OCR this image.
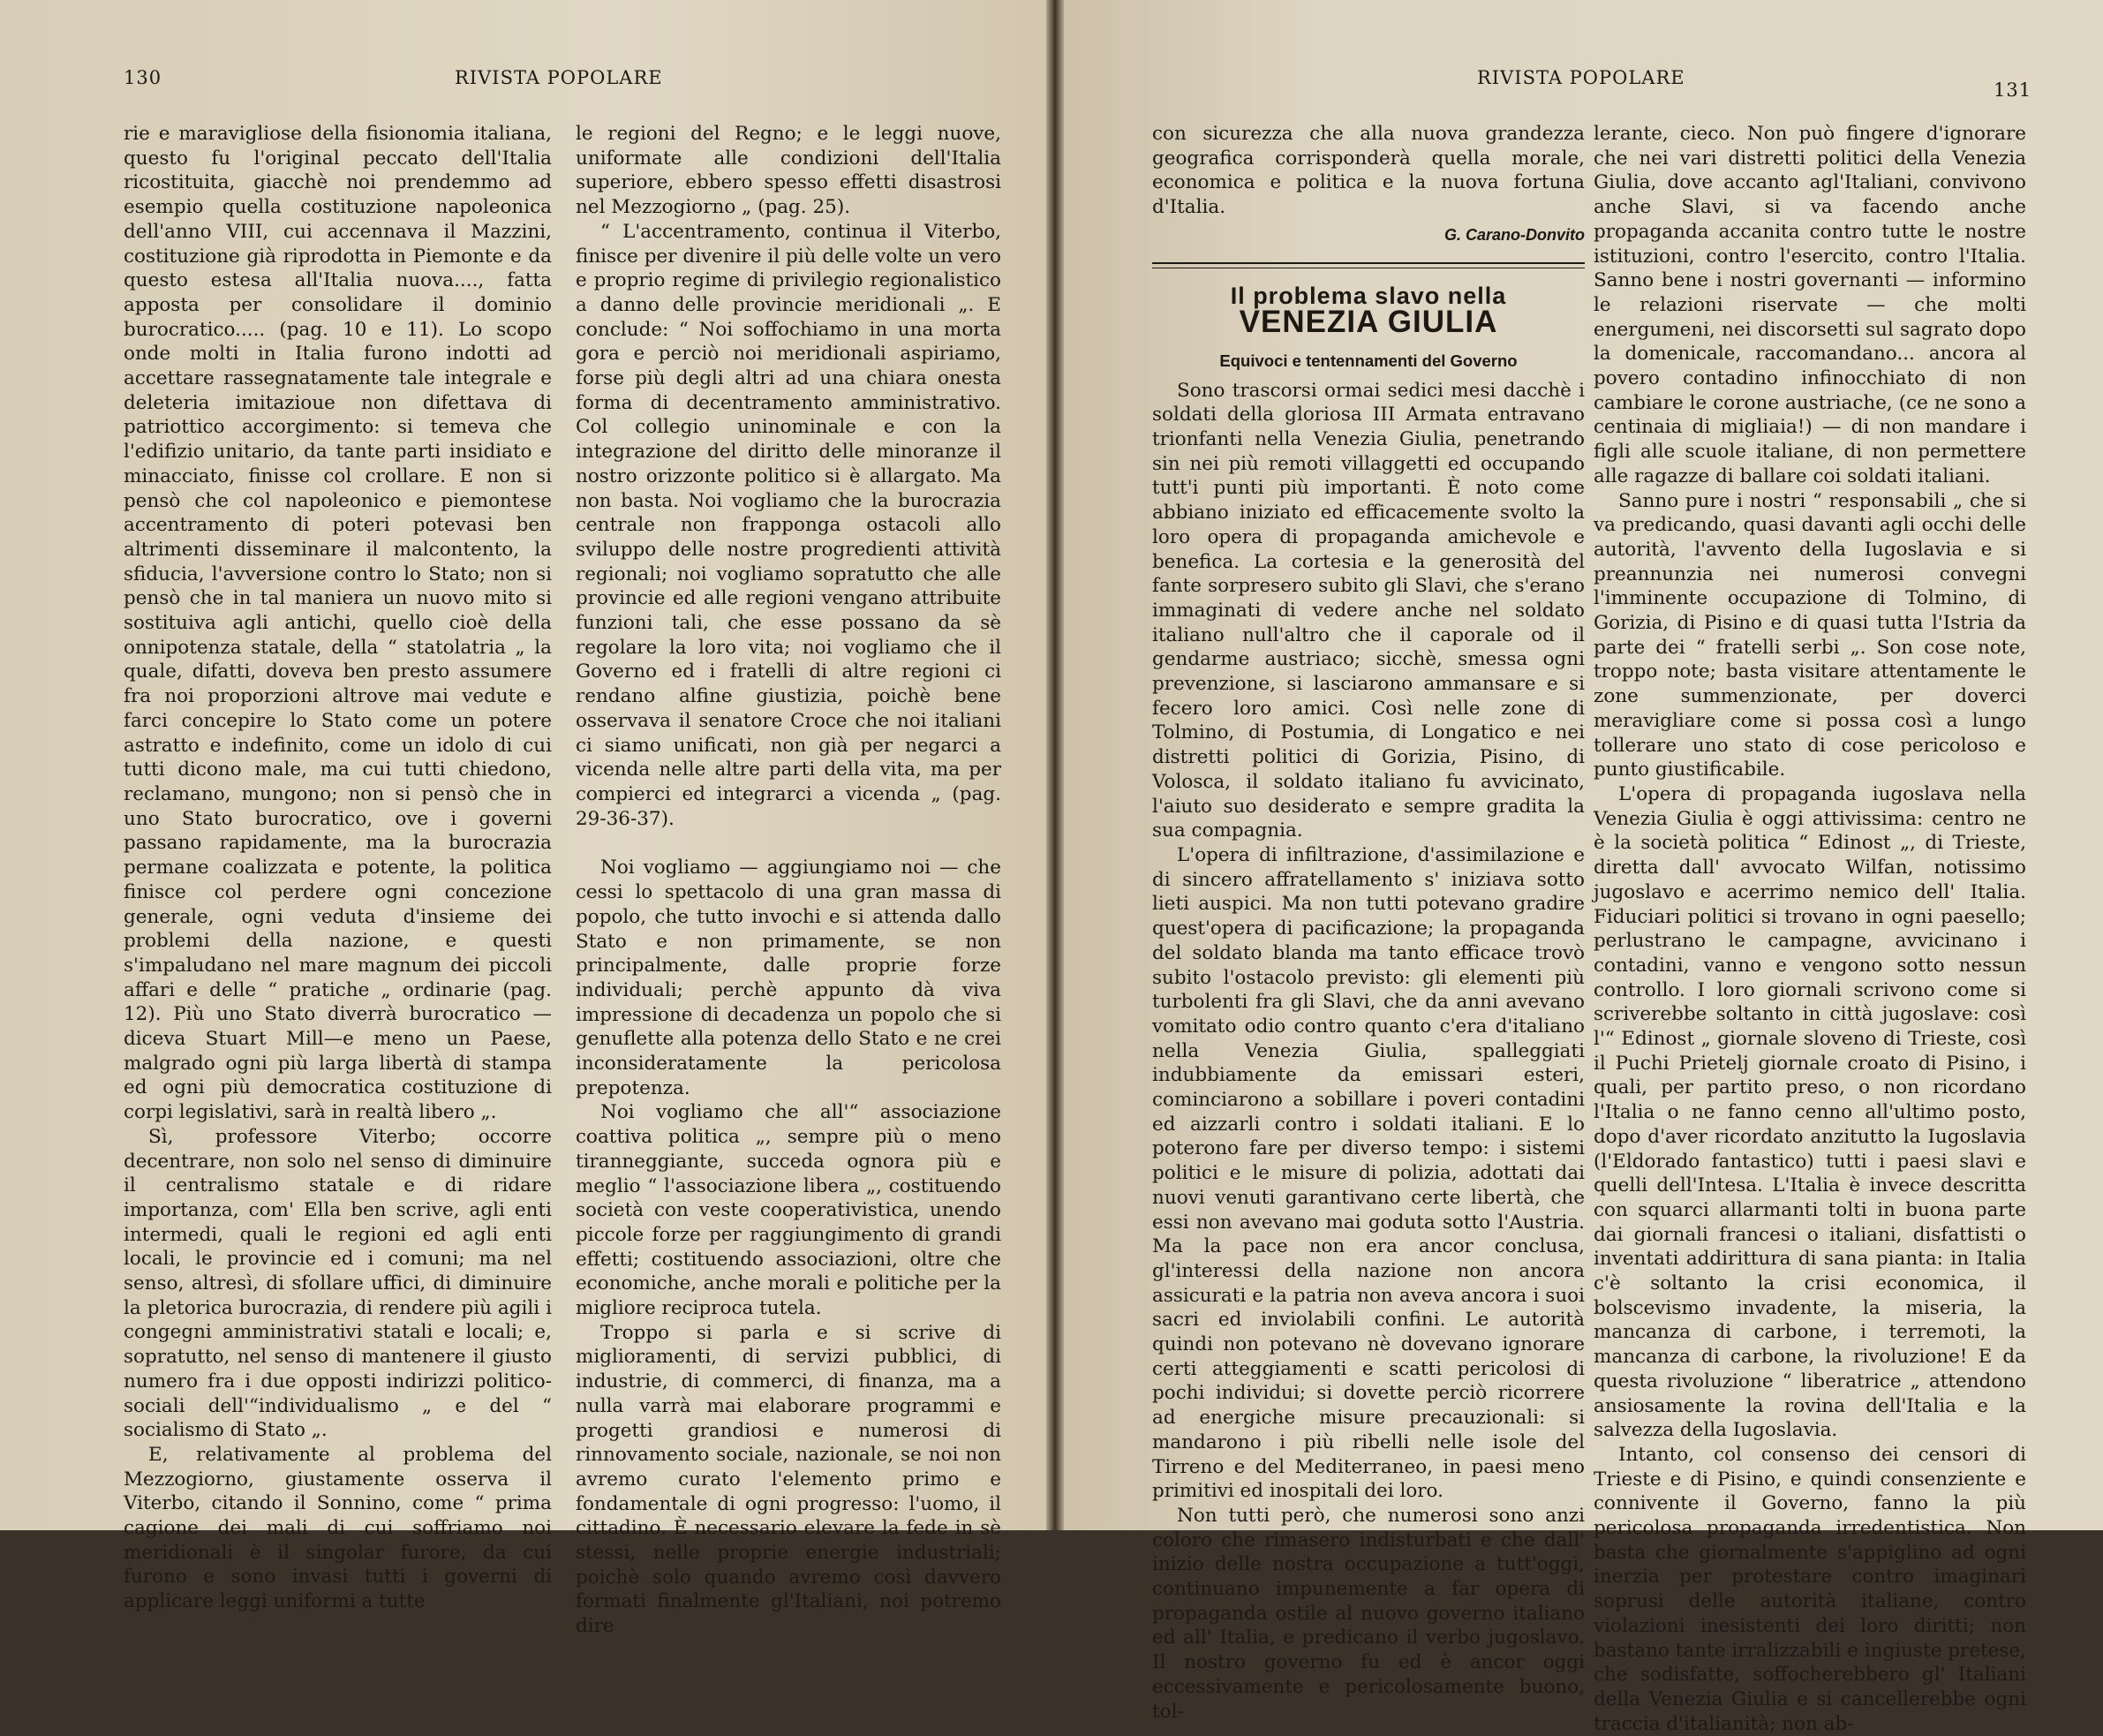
130	RIVISTA POPOLARE

rie e maravigliose della fisionomia italiana, questo fu l'original peccato dell'Italia ricostituita, giacchè noi prendemmo ad esempio quella costituzione napoleonica dell'anno VIII, cui accennava il Mazzini, costituzione già riprodotta in Piemonte e da questo estesa all'Italia nuova...., fatta apposta per consolidare il dominio burocratico..... (pag. 10 e 11). Lo scopo onde molti in Italia furono indotti ad accettare rassegnatamente tale integrale e deleteria imitazioue non difettava di patriottico accorgimento: si temeva che l'edifizio unitario, da tante parti insidiato e minacciato, finisse col crollare. E non si pensò che col napoleonico e piemontese accentramento di poteri potevasi ben altrimenti disseminare il malcontento, la sfiducia, l'avversione contro lo Stato; non si pensò che in tal maniera un nuovo mito si sostituiva agli antichi, quello cioè della onnipotenza statale, della “ statolatria „ la quale, difatti, doveva ben presto assumere fra noi proporzioni altrove mai vedute e farci concepire lo Stato come un potere astratto e indefinito, come un idolo di cui tutti dicono male, ma cui tutti chiedono, reclamano, mungono; non si pensò che in uno Stato burocratico, ove i governi passano rapidamente, ma la burocrazia permane coalizzata e potente, la politica finisce col perdere ogni concezione generale, ogni veduta d'insieme dei problemi della nazione, e questi s'impaludano nel mare magnum dei piccoli affari e delle “ pratiche „ ordinarie (pag. 12). Più uno Stato diverrà burocratico — diceva Stuart Mill—e meno un Paese, malgrado ogni più larga libertà di stampa ed ogni più democratica costituzione di corpi legislativi, sarà in realtà libero „.

Sì, professore Viterbo; occorre decentrare, non solo nel senso di diminuire il centralismo statale e di ridare importanza, com' Ella ben scrive, agli enti intermedi, quali le regioni ed agli enti locali, le provincie ed i comuni; ma nel senso, altresì, di sfollare uffici, di diminuire la pletorica burocrazia, di rendere più agili i congegni amministrativi statali e locali; e, sopratutto, nel senso di mantenere il giusto numero fra i due opposti indirizzi politico-sociali dell'“individualismo „ e del “ socialismo di Stato „.

E, relativamente al problema del Mezzogiorno, giustamente osserva il Viterbo, citando il Sonnino, come “ prima cagione dei mali di cui soffriamo noi meridionali è il singolar furore, da cui furono e sono invasi tutti i governi di applicare leggi uniformi a tutte

le regioni del Regno; e le leggi nuove, uniformate alle condizioni dell'Italia superiore, ebbero spesso effetti disastrosi nel Mezzogiorno „ (pag. 25).

“ L'accentramento, continua il Viterbo, finisce per divenire il più delle volte un vero e proprio regime di privilegio regionalistico a danno delle provincie meridionali „. E conclude: “ Noi soffochiamo in una morta gora e perciò noi meridionali aspiriamo, forse più degli altri ad una chiara onesta forma di decentramento amministrativo. Col collegio uninominale e con la integrazione del diritto delle minoranze il nostro orizzonte politico si è allargato. Ma non basta. Noi vogliamo che la burocrazia centrale non frapponga ostacoli allo sviluppo delle nostre progredienti attività regionali; noi vogliamo sopratutto che alle provincie ed alle regioni vengano attribuite funzioni tali, che esse possano da sè regolare la loro vita; noi vogliamo che il Governo ed i fratelli di altre regioni ci rendano alfine giustizia, poichè bene osservava il senatore Croce che noi italiani ci siamo unificati, non già per negarci a vicenda nelle altre parti della vita, ma per compierci ed integrarci a vicenda „ (pag. 29-36-37).

Noi vogliamo — aggiungiamo noi — che cessi lo spettacolo di una gran massa di popolo, che tutto invochi e si attenda dallo Stato e non primamente, se non principalmente, dalle proprie forze individuali; perchè appunto dà viva impressione di decadenza un popolo che si genuflette alla potenza dello Stato e ne crei inconsideratamente la pericolosa prepotenza.

Noi vogliamo che all'“ associazione coattiva politica „, sempre più o meno tiranneggiante, succeda ognora più e meglio “ l'associazione libera „, costituendo società con veste cooperativistica, unendo piccole forze per raggiungimento di grandi effetti; costituendo associazioni, oltre che economiche, anche morali e politiche per la migliore reciproca tutela.

Troppo si parla e si scrive di miglioramenti, di servizi pubblici, di industrie, di commerci, di finanza, ma a nulla varrà mai elaborare programmi e progetti grandiosi e numerosi di rinnovamento sociale, nazionale, se noi non avremo curato l'elemento primo e fondamentale di ogni progresso: l'uomo, il cittadino. È necessario elevare la fede in sè stessi, nelle proprie energie industriali; poichè solo quando avremo così davvero formati finalmente gl'Italiani, noi potremo dire

RIVISTA POPOLARE
131

con sicurezza che alla nuova grandezza geografica corrisponderà quella morale, economica e politica e la nuova fortuna d'Italia.

G. Carano-Donvito
Il problema slavo nella
VENEZIA GIULIA
Equivoci e tentennamenti del Governo

Sono trascorsi ormai sedici mesi dacchè i soldati della gloriosa III Armata entravano trionfanti nella Venezia Giulia, penetrando sin nei più remoti villaggetti ed occupando tutt'i punti più importanti. È noto come abbiano iniziato ed efficacemente svolto la loro opera di propaganda amichevole e benefica. La cortesia e la generosità del fante sorpresero subito gli Slavi, che s'erano immaginati di vedere anche nel soldato italiano null'altro che il caporale od il gendarme austriaco; sicchè, smessa ogni prevenzione, si lasciarono ammansare e si fecero loro amici. Così nelle zone di Tolmino, di Postumia, di Longatico e nei distretti politici di Gorizia, Pisino, di Volosca, il soldato italiano fu avvicinato, l'aiuto suo desiderato e sempre gradita la sua compagnia.

L'opera di infiltrazione, d'assimilazione e di sincero affratellamento s' iniziava sotto lieti auspici. Ma non tutti potevano gradire quest'opera di pacificazione; la propaganda del soldato blanda ma tanto efficace trovò subito l'ostacolo previsto: gli elementi più turbolenti fra gli Slavi, che da anni avevano vomitato odio contro quanto c'era d'italiano nella Venezia Giulia, spalleggiati indubbiamente da emissari esteri, cominciarono a sobillare i poveri contadini ed aizzarli contro i soldati italiani. E lo poterono fare per diverso tempo: i sistemi politici e le misure di polizia, adottati dai nuovi venuti garantivano certe libertà, che essi non avevano mai goduta sotto l'Austria. Ma la pace non era ancor conclusa, gl'interessi della nazione non ancora assicurati e la patria non aveva ancora i suoi sacri ed inviolabili confini. Le autorità quindi non potevano nè dovevano ignorare certi atteggiamenti e scatti pericolosi di pochi individui; si dovette perciò ricorrere ad energiche misure precauzionali: si mandarono i più ribelli nelle isole del Tirreno e del Mediterraneo, in paesi meno primitivi ed inospitali dei loro.

Non tutti però, che numerosi sono anzi coloro che rimasero indisturbati e che dall' inizio delle nostra occupazione a tutt'oggi, continuano impunemente a far opera di propaganda ostile al nuovo governo italiano ed all' Italia, e predicano il verbo jugoslavo. Il nostro governo fu ed è ancor oggi eccessivamente e pericolosamente buono, tol-

lerante, cieco. Non può fingere d'ignorare che nei vari distretti politici della Venezia Giulia, dove accanto agl'Italiani, convivono anche Slavi, si va facendo anche propaganda accanita contro tutte le nostre istituzioni, contro l'esercito, contro l'Italia. Sanno bene i nostri governanti — informino le relazioni riservate — che molti energumeni, nei discorsetti sul sagrato dopo la domenicale, raccomandano... ancora al povero contadino infinocchiato di non cambiare le corone austriache, (ce ne sono a centinaia di migliaia!) — di non mandare i figli alle scuole italiane, di non permettere alle ragazze di ballare coi soldati italiani.

Sanno pure i nostri “ responsabili „ che si va predicando, quasi davanti agli occhi delle autorità, l'avvento della Iugoslavia e si preannunzia nei numerosi convegni l'imminente occupazione di Tolmino, di Gorizia, di Pisino e di quasi tutta l'Istria da parte dei “ fratelli serbi „. Son cose note, troppo note; basta visitare attentamente le zone summenzionate, per doverci meravigliare come si possa così a lungo tollerare uno stato di cose pericoloso e punto giustificabile.

L'opera di propaganda iugoslava nella Venezia Giulia è oggi attivissima: centro ne è la società politica “ Edinost „, di Trieste, diretta dall' avvocato Wilfan, notissimo jugoslavo e acerrimo nemico dell' Italia. Fiduciari politici si trovano in ogni paesello; perlustrano le campagne, avvicinano i contadini, vanno e vengono sotto nessun controllo. I loro giornali scrivono come si scriverebbe soltanto in città jugoslave: così l'“ Edinost „ giornale sloveno di Trieste, così il Puchi Prietelj giornale croato di Pisino, i quali, per partito preso, o non ricordano l'Italia o ne fanno cenno all'ultimo posto, dopo d'aver ricordato anzitutto la Iugoslavia (l'Eldorado fantastico) tutti i paesi slavi e quelli dell'Intesa. L'Italia è invece descritta con squarci allarmanti tolti in buona parte dai giornali francesi o italiani, disfattisti o inventati addirittura di sana pianta: in Italia c'è soltanto la crisi economica, il bolscevismo invadente, la miseria, la mancanza di carbone, i terremoti, la mancanza di carbone, la rivoluzione! E da questa rivoluzione “ liberatrice „ attendono ansiosamente la rovina dell'Italia e la salvezza della Iugoslavia.

Intanto, col consenso dei censori di Trieste e di Pisino, e quindi consenziente e connivente il Governo, fanno la più pericolosa propaganda irredentistica. Non basta che giornalmente s'appiglino ad ogni inerzia per protestare contro imaginari soprusi delle autorità italiane, contro violazioni inesistenti dei loro diritti; non bastano tante irralizzabili e ingiuste pretese, che sodisfatte, soffocherebbero gl' Italiani della Venezia Giulia e si cancellerebbe ogni traccia d'italianità; non ab-
